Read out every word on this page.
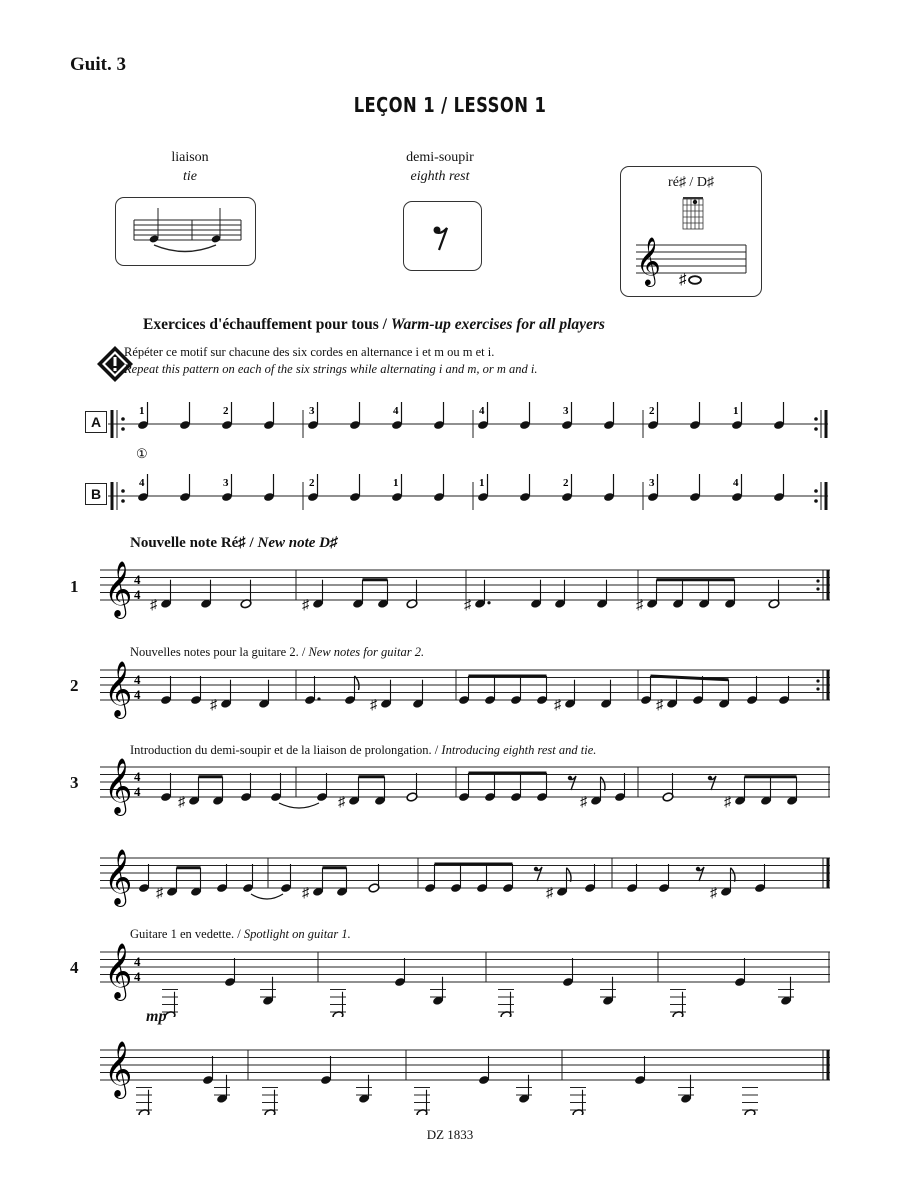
Guit. 3
LEÇON 1 / LESSON 1
liaison
tie
demi-soupir
eighth rest	ré♯ / D♯
𝄞 ♯
Exercices d'échauffement pour tous / Warm-up exercises for all players
Répéter ce motif sur chacune des six cordes en alternance i et m ou m et i.
Repeat this pattern on each of the six strings while alternating i and m, or m and i.
A
①
1	2	3	4	4	3	2	1
B
4	3	2	1	1	2	3	4
Nouvelle note Ré♯ / New note D♯
1 𝄞 4
4
♯	♯	♯	♯
Nouvelles notes pour la guitare 2. / New notes for guitar 2.
2 𝄞 4
4
♯	♯	♯	♯
Introduction du demi-soupir et de la liaison de prolongation. / Introducing eighth rest and tie.
3 𝄞 4
4
♯	♯	♯	♯
𝄞 ♯	♯	♯	♯
Guitare 1 en vedette. / Spotlight on guitar 1.
4 𝄞 4
4
mp
𝄞
DZ 1833
